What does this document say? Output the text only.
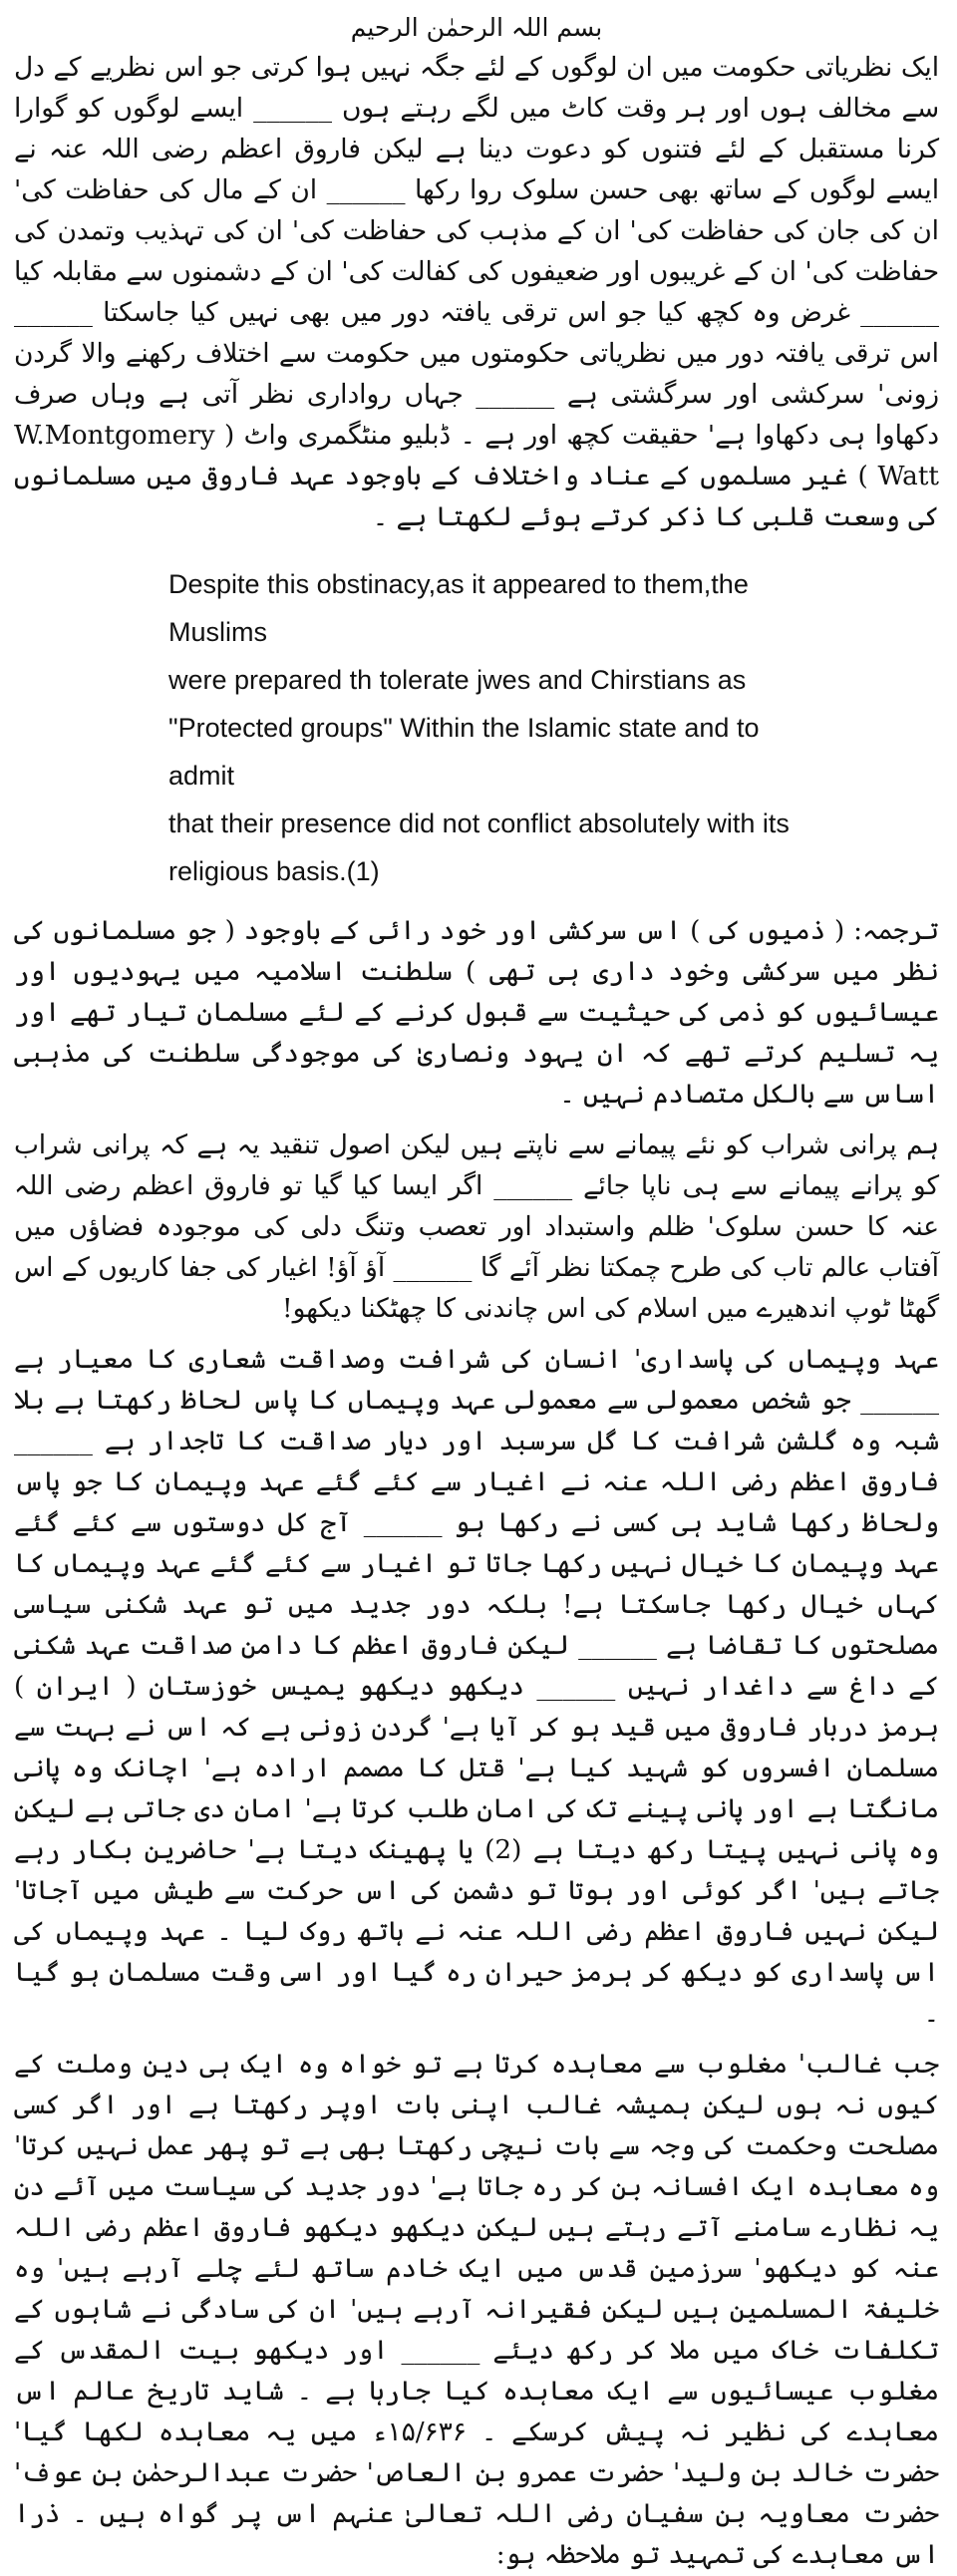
بسم اللہ الرحمٰن الرحیم

ایک نظریاتی حکومت میں ان لوگوں کے لئے جگہ نہیں ہوا کرتی جو اس نظریے کے دل سے مخالف ہوں اور ہر وقت کاٹ میں لگے رہتے ہوں ______ ایسے لوگوں کو گوارا کرنا مستقبل کے لئے فتنوں کو دعوت دینا ہے لیکن فاروق اعظم رضی اللہ عنہ نے ایسے لوگوں کے ساتھ بھی حسن سلوک روا رکھا ______ ان کے مال کی حفاظت کی' ان کی جان کی حفاظت کی' ان کے مذہب کی حفاظت کی' ان کی تہذیب وتمدن کی حفاظت کی' ان کے غریبوں اور ضعیفوں کی کفالت کی' ان کے دشمنوں سے مقابلہ کیا ______ غرض وہ کچھ کیا جو اس ترقی یافتہ دور میں بھی نہیں کیا جاسکتا ______ اس ترقی یافتہ دور میں نظریاتی حکومتوں میں حکومت سے اختلاف رکھنے والا گردن زونی' سرکشی اور سرگشتی ہے ______ جہاں رواداری نظر آتی ہے وہاں صرف دکھاوا ہی دکھاوا ہے' حقیقت کچھ اور ہے ۔ ڈبلیو منٹگمری واٹ ( W.Montgomery Watt ) غیر مسلموں کے عناد واختلاف کے باوجود عہد فاروقی میں مسلمانوں کی وسعت قلبی کا ذکر کرتے ہوئے لکھتا ہے ۔

Despite this obstinacy,as it appeared to them,the Muslims
were prepared th tolerate jwes and Chirstians as
"Protected groups" Within the Islamic state and to admit
that their presence did not conflict absolutely with its
religious basis.(1)

ترجمہ: ( ذمیوں کی ) اس سرکشی اور خود رائی کے باوجود ( جو مسلمانوں کی نظر میں سرکشی وخود داری ہی تھی ) سلطنت اسلامیہ میں یہودیوں اور عیسائیوں کو ذمی کی حیثیت سے قبول کرنے کے لئے مسلمان تیار تھے اور یہ تسلیم کرتے تھے کہ ان یہود ونصاریٰ کی موجودگی سلطنت کی مذہبی اساس سے بالکل متصادم نہیں ۔

ہم پرانی شراب کو نئے پیمانے سے ناپتے ہیں لیکن اصول تنقید یہ ہے کہ پرانی شراب کو پرانے پیمانے سے ہی ناپا جائے ______ اگر ایسا کیا گیا تو فاروق اعظم رضی اللہ عنہ کا حسن سلوک' ظلم واستبداد اور تعصب وتنگ دلی کی موجودہ فضاؤں میں آفتاب عالم تاب کی طرح چمکتا نظر آئے گا ______ آؤ آؤ! اغیار کی جفا کاریوں کے اس گھٹا ٹوپ اندھیرے میں اسلام کی اس چاندنی کا چھٹکنا دیکھو!

عہد وپیماں کی پاسداری' انسان کی شرافت وصداقت شعاری کا معیار ہے ______ جو شخص معمولی سے معمولی عہد وپیماں کا پاس لحاظ رکھتا ہے بلا شبہ وہ گلشن شرافت کا گل سرسبد اور دیار صداقت کا تاجدار ہے ______ فاروق اعظم رضی اللہ عنہ نے اغیار سے کئے گئے عہد وپیمان کا جو پاس ولحاظ رکھا شاید ہی کسی نے رکھا ہو ______ آج کل دوستوں سے کئے گئے عہد وپیمان کا خیال نہیں رکھا جاتا تو اغیار سے کئے گئے عہد وپیماں کا کہاں خیال رکھا جاسکتا ہے! بلکہ دور جدید میں تو عہد شکنی سیاسی مصلحتوں کا تقاضا ہے ______ لیکن فاروق اعظم کا دامن صداقت عہد شکنی کے داغ سے داغدار نہیں ______ دیکھو دیکھو یمیس خوزستان ( ایران ) ہرمز دربار فاروقی میں قید ہو کر آیا ہے' گردن زونی ہے کہ اس نے بہت سے مسلمان افسروں کو شہید کیا ہے' قتل کا مصمم ارادہ ہے' اچانک وہ پانی مانگتا ہے اور پانی پینے تک کی امان طلب کرتا ہے' امان دی جاتی ہے لیکن وہ پانی نہیں پیتا رکھ دیتا ہے (2) یا پھینک دیتا ہے' حاضرین بکار رہے جاتے ہیں' اگر کوئی اور ہوتا تو دشمن کی اس حرکت سے طیش میں آجاتا' لیکن نہیں فاروق اعظم رضی اللہ عنہ نے ہاتھ روک لیا ۔ عہد وپیماں کی اس پاسداری کو دیکھ کر ہرمز حیران رہ گیا اور اسی وقت مسلمان ہو گیا ۔

جب غالب' مغلوب سے معاہدہ کرتا ہے تو خواہ وہ ایک ہی دین وملت کے کیوں نہ ہوں لیکن ہمیشہ غالب اپنی بات اوپر رکھتا ہے اور اگر کسی مصلحت وحکمت کی وجہ سے بات نیچی رکھتا بھی ہے تو پھر عمل نہیں کرتا' وہ معاہدہ ایک افسانہ بن کر رہ جاتا ہے' دور جدید کی سیاست میں آئے دن یہ نظارے سامنے آتے رہتے ہیں لیکن دیکھو دیکھو فاروق اعظم رضی اللہ عنہ کو دیکھو' سرزمین قدس میں ایک خادم ساتھ لئے چلے آرہے ہیں' وہ خلیفۃ المسلمین ہیں لیکن فقیرانہ آرہے ہیں' ان کی سادگی نے شاہوں کے تکلفات خاک میں ملا کر رکھ دیئے ______ اور دیکھو بیت المقدس کے مغلوب عیسائیوں سے ایک معاہدہ کیا جارہا ہے ۔ شاید تاریخ عالم اس معاہدے کی نظیر نہ پیش کرسکے ۔ ۱۵/۶۳۶ء میں یہ معاہدہ لکھا گیا' حضرت خالد بن ولید' حضرت عمرو بن العاص' حضرت عبدالرحمٰن بن عوف' حضرت معاویہ بن سفیان رضی اللہ تعالیٰ عنہم اس پر گواہ ہیں ۔ ذرا اس معاہدے کی تمہید تو ملاحظہ ہو:
